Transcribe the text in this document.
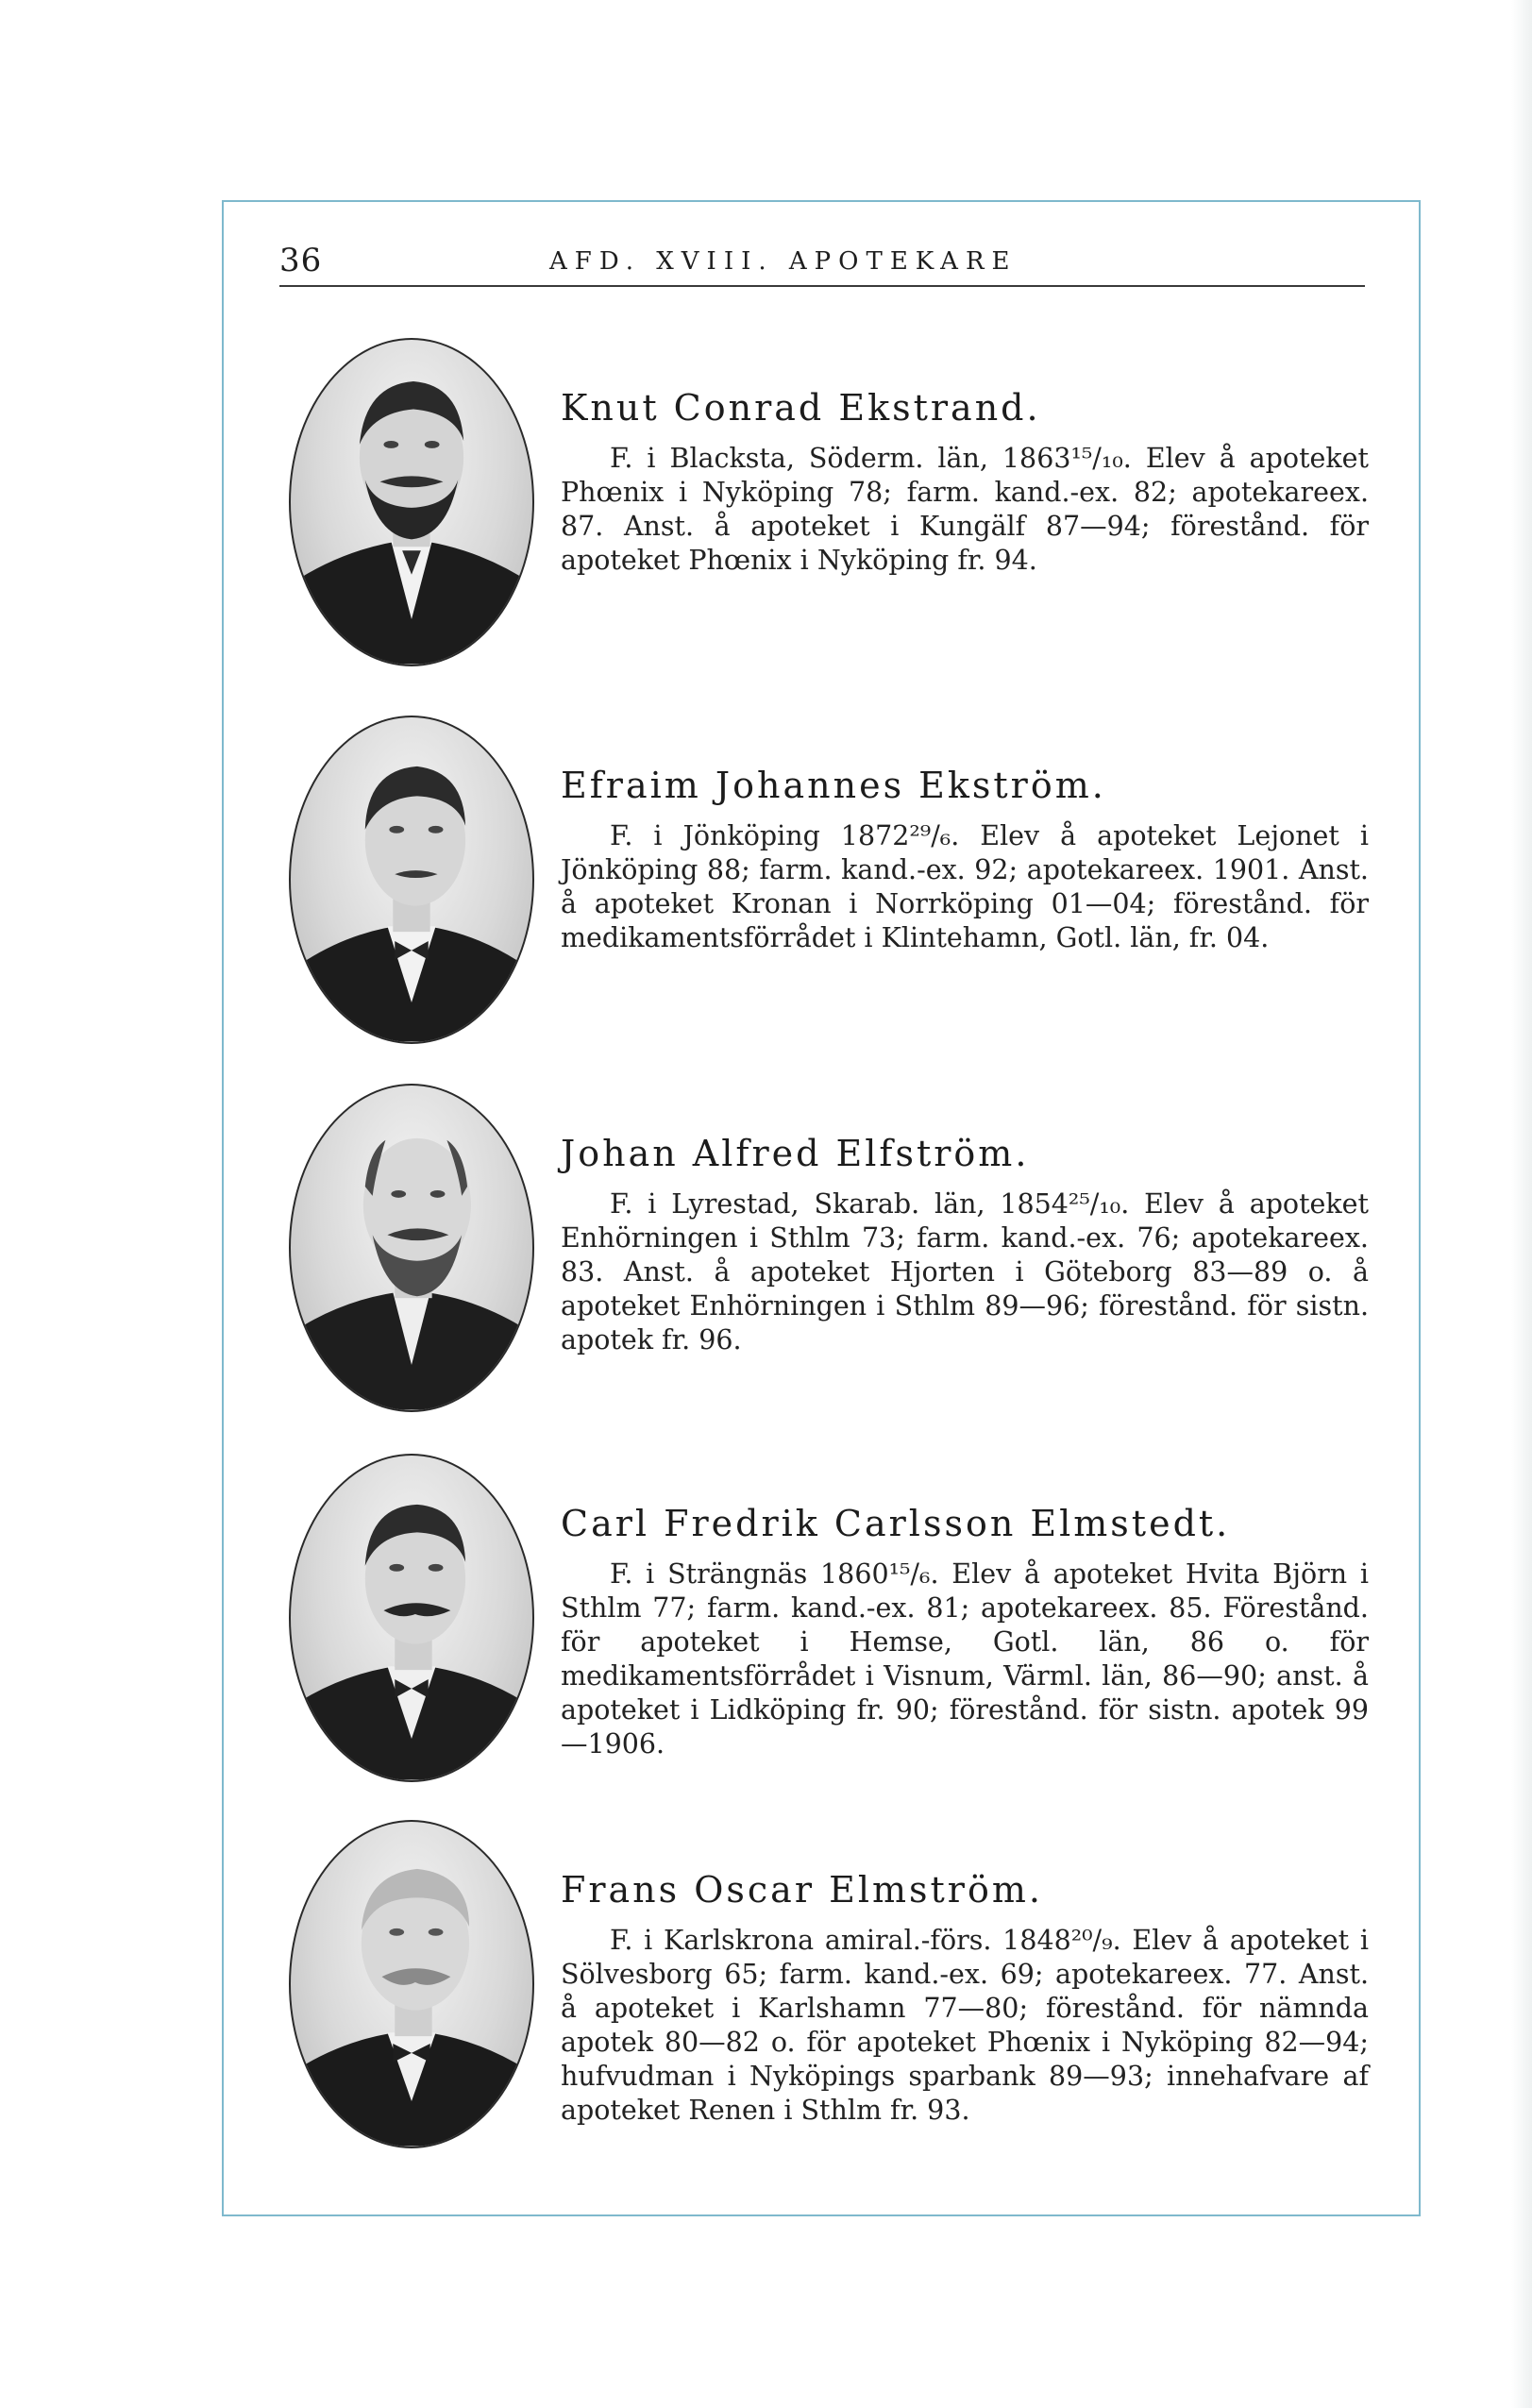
36	AFD. XVIII. APOTEKARE
Knut Conrad Ekstrand.

F. i Blacksta, Söderm. län, 1863¹⁵/₁₀. Elev å apoteket Phœnix i Nyköping 78; farm. kand.-ex. 82; apotekareex. 87. Anst. å apoteket i Kungälf 87—94; förestånd. för apoteket Phœnix i Nyköping fr. 94.

Efraim Johannes Ekström.

F. i Jönköping 1872²⁹/₆. Elev å apoteket Lejonet i Jönköping 88; farm. kand.-ex. 92; apotekareex. 1901. Anst. å apoteket Kronan i Norrköping 01—04; förestånd. för medikamentsförrådet i Klintehamn, Gotl. län, fr. 04.

Johan Alfred Elfström.

F. i Lyrestad, Skarab. län, 1854²⁵/₁₀. Elev å apoteket Enhörningen i Sthlm 73; farm. kand.-ex. 76; apotekareex. 83. Anst. å apoteket Hjorten i Göteborg 83—89 o. å apoteket Enhörningen i Sthlm 89—96; förestånd. för sistn. apotek fr. 96.

Carl Fredrik Carlsson Elmstedt.

F. i Strängnäs 1860¹⁵/₆. Elev å apoteket Hvita Björn i Sthlm 77; farm. kand.-ex. 81; apotekareex. 85. Förestånd. för apoteket i Hemse, Gotl. län, 86 o. för medikamentsförrådet i Visnum, Värml. län, 86—90; anst. å apoteket i Lidköping fr. 90; förestånd. för sistn. apotek 99—1906.

Frans Oscar Elmström.

F. i Karlskrona amiral.-förs. 1848²⁰/₉. Elev å apoteket i Sölvesborg 65; farm. kand.-ex. 69; apotekareex. 77. Anst. å apoteket i Karlshamn 77—80; förestånd. för nämnda apotek 80—82 o. för apoteket Phœnix i Nyköping 82—94; hufvudman i Nyköpings sparbank 89—93; innehafvare af apoteket Renen i Sthlm fr. 93.
